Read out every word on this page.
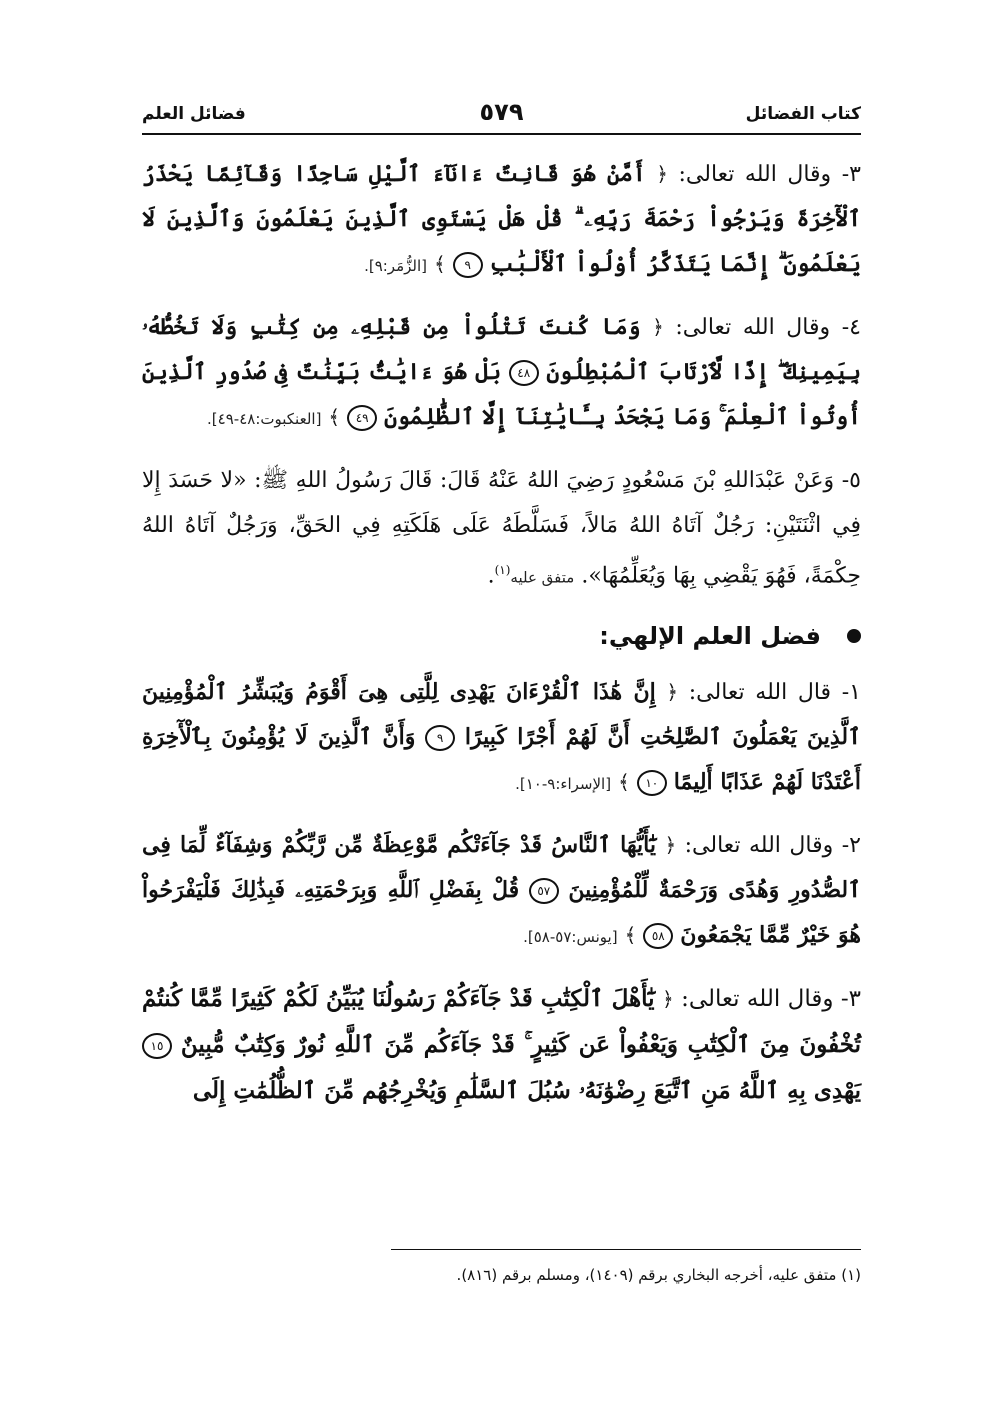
كتاب الفضائل
٥٧٩
فضائل العلم

٣- وقال الله تعالى: ﴿ أَمَّنْ هُوَ قَانِتٌ ءَانَآءَ ٱلَّيْلِ سَاجِدًا وَقَآئِمًا يَحْذَرُ ٱلْأٓخِرَةَ وَيَرْجُواْ رَحْمَةَ رَبِّهِۦ ۗ قُلْ هَلْ يَسْتَوِى ٱلَّذِينَ يَعْلَمُونَ وَٱلَّذِينَ لَا يَعْلَمُونَ ۗ إِنَّمَا يَتَذَكَّرُ أُوْلُواْ ٱلْأَلْبَٰبِ ٩ ﴾ [الزُّمَر:٩].

٤- وقال الله تعالى: ﴿ وَمَا كُنتَ تَتْلُواْ مِن قَبْلِهِۦ مِن كِتَٰبٍ وَلَا تَخُطُّهُۥ بِيَمِينِكَ ۖ إِذًا لَّٱرْتَابَ ٱلْمُبْطِلُونَ ٤٨ بَلْ هُوَ ءَايَٰتٌۢ بَيِّنَٰتٌ فِى صُدُورِ ٱلَّذِينَ أُوتُواْ ٱلْعِلْمَ ۚ وَمَا يَجْحَدُ بِـَٔايَٰتِنَآ إِلَّا ٱلظَّٰلِمُونَ ٤٩ ﴾ [العنكبوت:٤٨-٤٩].

٥- وَعَنْ عَبْدَاللهِ بْنَ مَسْعُودٍ رَضِيَ اللهُ عَنْهُ قَالَ: قَالَ رَسُولُ اللهِ ﷺ: «لا حَسَدَ إِلا فِي اثْنَتَيْنِ: رَجُلٌ آتَاهُ اللهُ مَالاً، فَسَلَّطَهُ عَلَى هَلَكَتِهِ فِي الحَقِّ، وَرَجُلٌ آتَاهُ اللهُ حِكْمَةً، فَهُوَ يَقْضِي بِهَا وَيُعَلِّمُهَا». متفق عليه$^{(١)}$.

فضل العلم الإلهي:

١- قال الله تعالى: ﴿ إِنَّ هَٰذَا ٱلْقُرْءَانَ يَهْدِى لِلَّتِى هِىَ أَقْوَمُ وَيُبَشِّرُ ٱلْمُؤْمِنِينَ ٱلَّذِينَ يَعْمَلُونَ ٱلصَّٰلِحَٰتِ أَنَّ لَهُمْ أَجْرًا كَبِيرًا ٩ وَأَنَّ ٱلَّذِينَ لَا يُؤْمِنُونَ بِٱلْأٓخِرَةِ أَعْتَدْنَا لَهُمْ عَذَابًا أَلِيمًا ١٠ ﴾ [الإسراء:٩-١٠].

٢- وقال الله تعالى: ﴿ يَٰٓأَيُّهَا ٱلنَّاسُ قَدْ جَآءَتْكُم مَّوْعِظَةٌ مِّن رَّبِّكُمْ وَشِفَآءٌ لِّمَا فِى ٱلصُّدُورِ وَهُدًى وَرَحْمَةٌ لِّلْمُؤْمِنِينَ ٥٧ قُلْ بِفَضْلِ ٱللَّهِ وَبِرَحْمَتِهِۦ فَبِذَٰلِكَ فَلْيَفْرَحُواْ هُوَ خَيْرٌ مِّمَّا يَجْمَعُونَ ٥٨ ﴾ [يونس:٥٧-٥٨].

٣- وقال الله تعالى: ﴿ يَٰٓأَهْلَ ٱلْكِتَٰبِ قَدْ جَآءَكُمْ رَسُولُنَا يُبَيِّنُ لَكُمْ كَثِيرًا مِّمَّا كُنتُمْ تُخْفُونَ مِنَ ٱلْكِتَٰبِ وَيَعْفُواْ عَن كَثِيرٍ ۚ قَدْ جَآءَكُم مِّنَ ٱللَّهِ نُورٌ وَكِتَٰبٌ مُّبِينٌ ١٥ يَهْدِى بِهِ ٱللَّهُ مَنِ ٱتَّبَعَ رِضْوَٰنَهُۥ سُبُلَ ٱلسَّلَٰمِ وَيُخْرِجُهُم مِّنَ ٱلظُّلُمَٰتِ إِلَى

(١) متفق عليه، أخرجه البخاري برقم (١٤٠٩)، ومسلم برقم (٨١٦).
